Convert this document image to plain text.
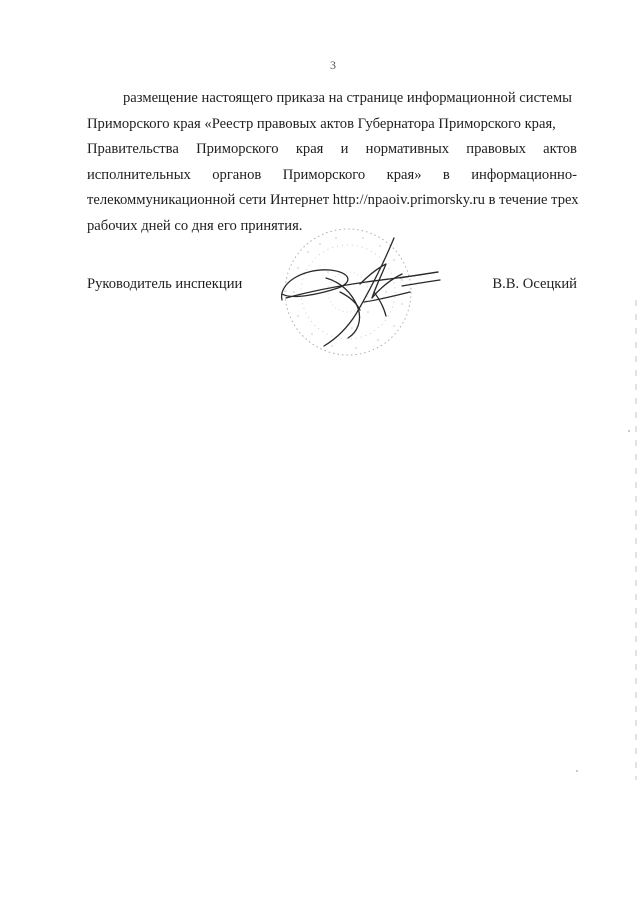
3
размещение настоящего приказа на странице информационной системы
Приморского края «Реестр правовых актов Губернатора Приморского края,
Правительства Приморского края и нормативных правовых актов
исполнительных органов Приморского края» в информационно-
телекоммуникационной сети Интернет http://npaoiv.primorsky.ru в течение трех
рабочих дней со дня его принятия.
Руководитель инспекции	В.В. Осецкий
